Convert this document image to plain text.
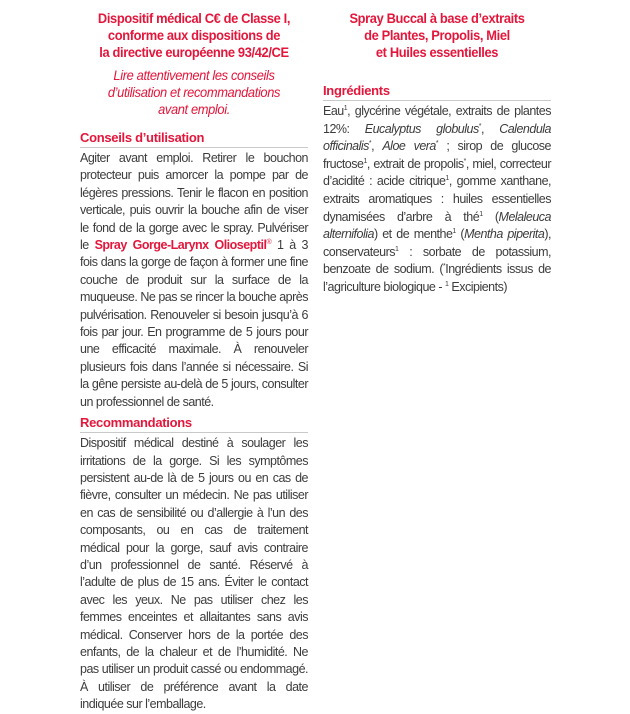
Dispositif médical C€ de Classe I,
conforme aux dispositions de
la directive européenne 93/42/CE
Lire attentivement les conseils
d’utilisation et recommandations
avant emploi.
Conseils d’utilisation
Agiter avant emploi. Retirer le bouchon protecteur puis amorcer la pompe par de légères pressions. Tenir le flacon en position verticale, puis ouvrir la bouche afin de viser le fond de la gorge avec le spray. Pulvériser le Spray Gorge-Larynx Olioseptil® 1 à 3 fois dans la gorge de façon à former une fine couche de produit sur la surface de la muqueuse. Ne pas se rincer la bouche après pulvérisation. Renouveler si besoin jusqu’à 6 fois par jour. En programme de 5 jours pour une efficacité maximale. À renouveler plusieurs fois dans l’année si nécessaire. Si la gêne persiste au-delà de 5 jours, consulter un professionnel de santé.
Recommandations
Dispositif médical destiné à soulager les irritations de la gorge. Si les symptômes persistent au-de là de 5 jours ou en cas de fièvre, consulter un médecin. Ne pas utiliser en cas de sensibilité ou d’allergie à l’un des composants, ou en cas de traitement médical pour la gorge, sauf avis contraire d’un professionnel de santé. Réservé à l’adulte de plus de 15 ans. Éviter le contact avec les yeux. Ne pas utiliser chez les femmes enceintes et allaitantes sans avis médical. Conserver hors de la portée des enfants, de la chaleur et de l’humidité. Ne pas utiliser un produit cassé ou endommagé. À utiliser de préférence avant la date indiquée sur l’emballage.
Spray Buccal à base d’extraits
de Plantes, Propolis, Miel
et Huiles essentielles
Ingrédients
Eau$^1$, glycérine végétale, extraits de plantes 12%: Eucalyptus globulus*, Calendula officinalis*, Aloe vera* ; sirop de glucose fructose$^1$, extrait de propolis*, miel, correcteur d’acidité : acide citrique$^1$, gomme xanthane, extraits aromatiques : huiles essentielles dynamisées d’arbre à thé$^1$ (Melaleuca alternifolia) et de menthe$^1$ (Mentha piperita), conservateurs$^1$ : sorbate de potassium, benzoate de sodium. (*Ingrédients issus de l’agriculture biologique - $^1$ Excipients)
